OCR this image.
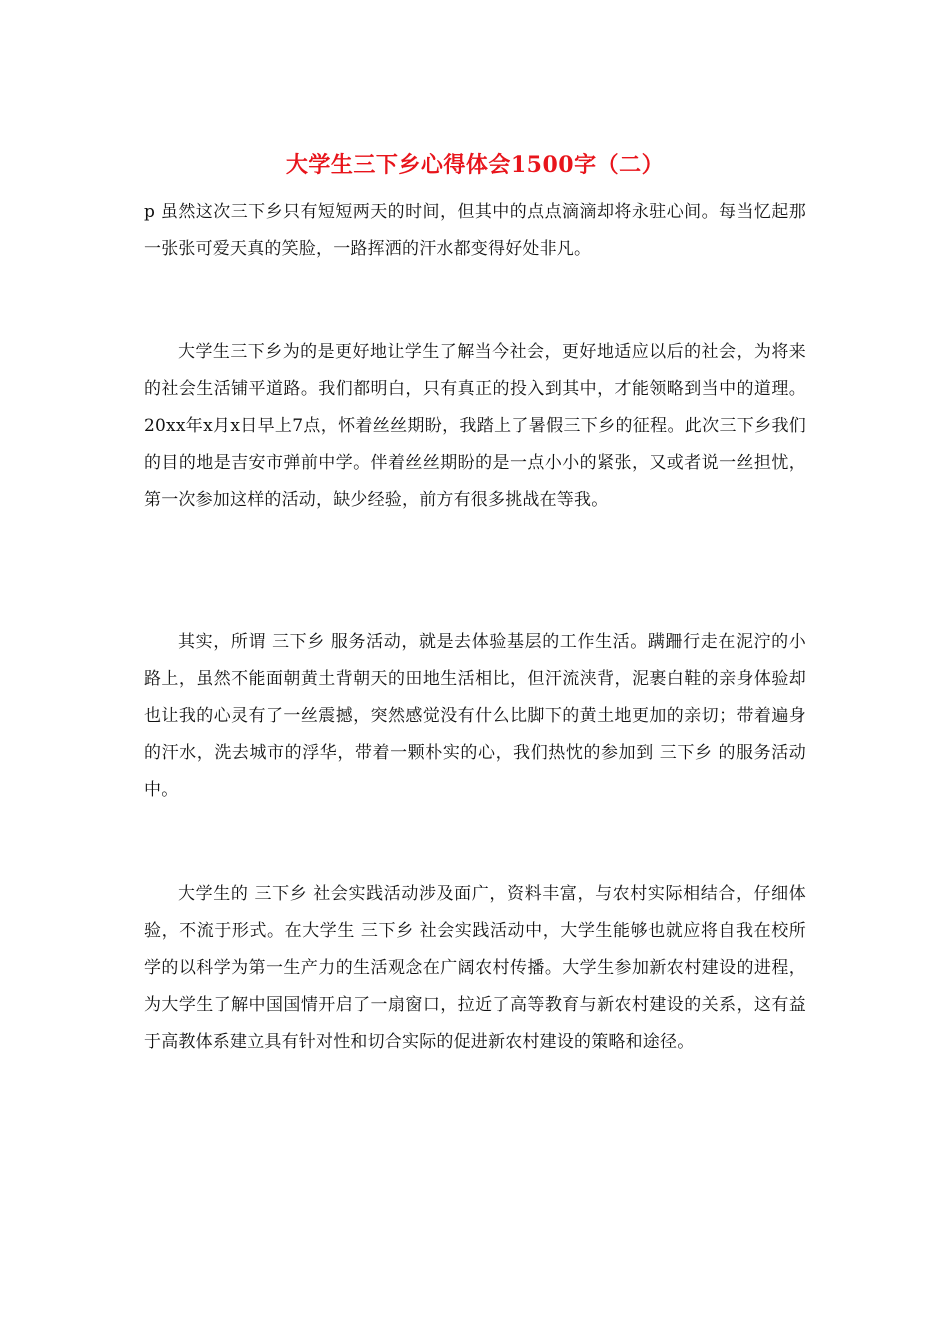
大学生三下乡心得体会1500字（二）
p 虽然这次三下乡只有短短两天的时间，但其中的点点滴滴却将永驻心间。每当忆起那一张张可爱天真的笑脸，一路挥洒的汗水都变得好处非凡。
大学生三下乡为的是更好地让学生了解当今社会，更好地适应以后的社会，为将来的社会生活铺平道路。我们都明白，只有真正的投入到其中，才能领略到当中的道理。20xx年x月x日早上7点，怀着丝丝期盼，我踏上了暑假三下乡的征程。此次三下乡我们的目的地是吉安市弹前中学。伴着丝丝期盼的是一点小小的紧张，又或者说一丝担忧，第一次参加这样的活动，缺少经验，前方有很多挑战在等我。
其实，所谓 三下乡 服务活动，就是去体验基层的工作生活。蹒跚行走在泥泞的小路上，虽然不能面朝黄土背朝天的田地生活相比，但汗流浃背，泥裹白鞋的亲身体验却也让我的心灵有了一丝震撼，突然感觉没有什么比脚下的黄土地更加的亲切；带着遍身的汗水，洗去城市的浮华，带着一颗朴实的心，我们热忱的参加到 三下乡 的服务活动中。
大学生的 三下乡 社会实践活动涉及面广，资料丰富，与农村实际相结合，仔细体验，不流于形式。在大学生 三下乡 社会实践活动中，大学生能够也就应将自我在校所学的以科学为第一生产力的生活观念在广阔农村传播。大学生参加新农村建设的进程，为大学生了解中国国情开启了一扇窗口，拉近了高等教育与新农村建设的关系，这有益于高教体系建立具有针对性和切合实际的促进新农村建设的策略和途径。
